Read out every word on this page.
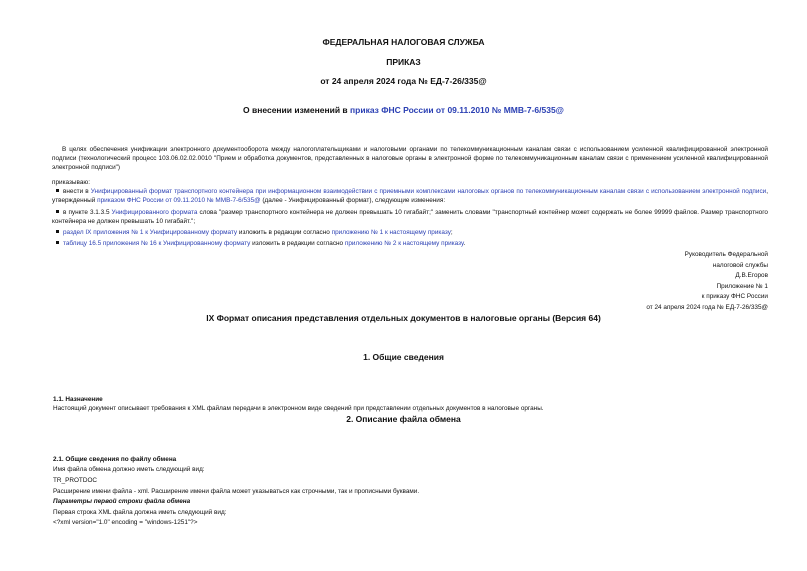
ФЕДЕРАЛЬНАЯ НАЛОГОВАЯ СЛУЖБА
ПРИКАЗ
от 24 апреля 2024 года № ЕД-7-26/335@
О внесении изменений в приказ ФНС России от 09.11.2010 № ММВ-7-6/535@
В целях обеспечения унификации электронного документооборота между налогоплательщиками и налоговыми органами по телекоммуникационным каналам связи с использованием усиленной квалифицированной электронной подписи (технологический процесс 103.06.02.02.0010 "Прием и обработка документов, представленных в налоговые органы в электронной форме по телекоммуникационным каналам связи с применением усиленной квалифицированной электронной подписи")
приказываю:
внести в Унифицированный формат транспортного контейнера при информационном взаимодействии с приемными комплексами налоговых органов по телекоммуникационным каналам связи с использованием электронной подписи, утвержденный приказом ФНС России от 09.11.2010 № ММВ-7-6/535@ (далее - Унифицированный формат), следующие изменения:
в пункте 3.1.3.5 Унифицированного формата слова "размер транспортного контейнера не должен превышать 10 гигабайт;" заменить словами "транспортный контейнер может содержать не более 99999 файлов. Размер транспортного контейнера не должен превышать 10 гигабайт.";
раздел IX приложения № 1 к Унифицированному формату изложить в редакции согласно приложению № 1 к настоящему приказу;
таблицу 16.5 приложения № 16 к Унифицированному формату изложить в редакции согласно приложению № 2 к настоящему приказу.
Руководитель Федеральной
налоговой службы
Д.В.Егоров
Приложение № 1
к приказу ФНС России
от 24 апреля 2024 года № ЕД-7-26/335@
IX Формат описания представления отдельных документов в налоговые органы (Версия 64)
1. Общие сведения
1.1. Назначение
Настоящий документ описывает требования к XML файлам передачи в электронном виде сведений при представлении отдельных документов в налоговые органы.
2. Описание файла обмена
2.1. Общие сведения по файлу обмена
Имя файла обмена должно иметь следующий вид:
TR_PROTDOC
Расширение имени файла - xml. Расширение имени файла может указываться как строчными, так и прописными буквами.
Параметры первой строки файла обмена
Первая строка XML файла должна иметь следующий вид:
<?xml version="1.0" encoding = "windows-1251"?>
